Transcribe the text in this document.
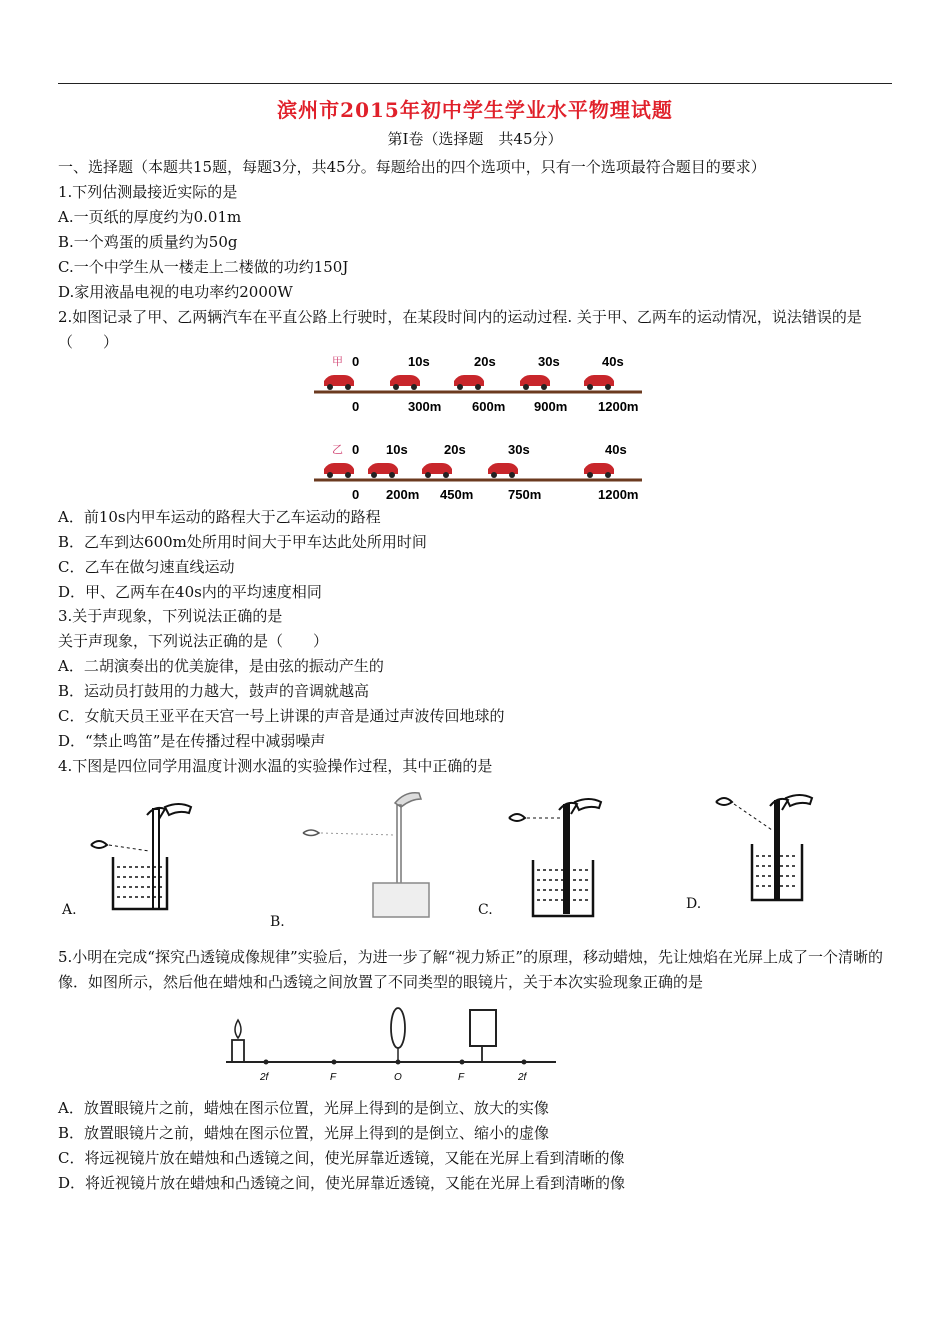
滨州市2015年初中学生学业水平物理试题
第Ⅰ卷（选择题　共45分）
一、选择题（本题共15题，每题3分，共45分。每题给出的四个选项中，只有一个选项最符合题目的要求）
1.下列估测最接近实际的是
A.一页纸的厚度约为0.01m
B.一个鸡蛋的质量约为50g
C.一个中学生从一楼走上二楼做的功约150J
D.家用液晶电视的电功率约2000W
2.如图记录了甲、乙两辆汽车在平直公路上行驶时，在某段时间内的运动过程. 关于甲、乙两车的运动情况，说法错误的是（　　）
甲 0	10s	20s	30s	40s
0	300m 600m 900m 1200m
乙 0 10s	20s	30s	40s
0 200m 450m	750m	1200m
A．前10s内甲车运动的路程大于乙车运动的路程
B．乙车到达600m处所用时间大于甲车达此处所用时间
C．乙车在做匀速直线运动
D．甲、乙两车在40s内的平均速度相同
3.关于声现象，下列说法正确的是
关于声现象，下列说法正确的是（　　）
A．二胡演奏出的优美旋律，是由弦的振动产生的
B．运动员打鼓用的力越大，鼓声的音调就越高
C．女航天员王亚平在天宫一号上讲课的声音是通过声波传回地球的
D．“禁止鸣笛”是在传播过程中减弱噪声
4.下图是四位同学用温度计测水温的实验操作过程，其中正确的是
A.
B.
C.	D.
5.小明在完成“探究凸透镜成像规律”实验后，为进一步了解“视力矫正”的原理，移动蜡烛，先让烛焰在光屏上成了一个清晰的像．如图所示，然后他在蜡烛和凸透镜之间放置了不同类型的眼镜片，关于本次实验现象正确的是
2f	F	O	F	2f
A．放置眼镜片之前，蜡烛在图示位置，光屏上得到的是倒立、放大的实像
B．放置眼镜片之前，蜡烛在图示位置，光屏上得到的是倒立、缩小的虚像
C．将远视镜片放在蜡烛和凸透镜之间，使光屏靠近透镜，又能在光屏上看到清晰的像
D．将近视镜片放在蜡烛和凸透镜之间，使光屏靠近透镜，又能在光屏上看到清晰的像
